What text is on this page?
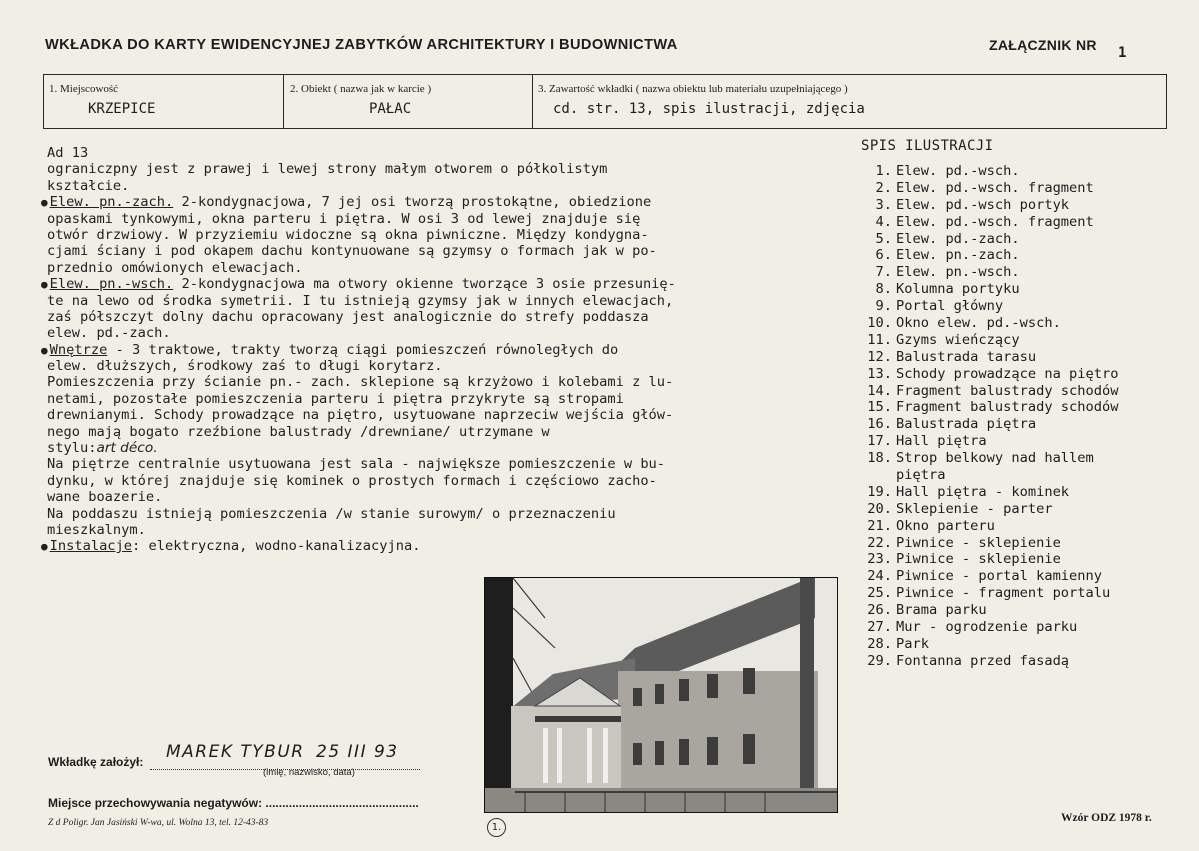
WKŁADKA DO KARTY EWIDENCYJNEJ ZABYTKÓW ARCHITEKTURY I BUDOWNICTWA	ZAŁĄCZNIK NR 1
1. Miejscowość
KRZEPICE
2. Obiekt ( nazwa jak w karcie )
PAŁAC
3. Zawartość wkładki ( nazwa obiektu lub materiału uzupełniającego )
cd. str. 13, spis ilustracji, zdjęcia

Ad 13

ograniczpny jest z prawej i lewej strony małym otworem o półkolistym

kształcie.

● Elew. pn.-zach. 2-kondygnacjowa, 7 jej osi tworzą prostokątne, obiedzione

opaskami tynkowymi, okna parteru i piętra. W osi 3 od lewej znajduje się

otwór drzwiowy. W przyziemiu widoczne są okna piwniczne. Między kondygna-

cjami ściany i pod okapem dachu kontynuowane są gzymsy o formach jak w po-

przednio omówionych elewacjach.

● Elew. pn.-wsch. 2-kondygnacjowa ma otwory okienne tworzące 3 osie przesunię-

te na lewo od środka symetrii. I tu istnieją gzymsy jak w innych elewacjach,

zaś półszczyt dolny dachu opracowany jest analogicznie do strefy poddasza

elew. pd.-zach.

● Wnętrze - 3 traktowe, trakty tworzą ciągi pomieszczeń równoległych do

elew. dłuższych, środkowy zaś to długi korytarz.

Pomieszczenia przy ścianie pn.- zach. sklepione są krzyżowo i kolebami z lu-

netami, pozostałe pomieszczenia parteru i piętra przykryte są stropami

drewnianymi. Schody prowadzące na piętro, usytuowane naprzeciw wejścia głów-

nego mają bogato rzeźbione balustrady /drewniane/ utrzymane w

stylu:art déco.

Na piętrze centralnie usytuowana jest sala - największe pomieszczenie w bu-

dynku, w której znajduje się kominek o prostych formach i częściowo zacho-

wane boazerie.

Na poddaszu istnieją pomieszczenia /w stanie surowym/ o przeznaczeniu

mieszkalnym.

● Instalacje: elektryczna, wodno-kanalizacyjna.

SPIS ILUSTRACJI
1. Elew. pd.-wsch.
2. Elew. pd.-wsch. fragment
3. Elew. pd.-wsch portyk
4. Elew. pd.-wsch. fragment
5. Elew. pd.-zach.
6. Elew. pn.-zach.
7. Elew. pn.-wsch.
8. Kolumna portyku
9. Portal główny
10. Okno elew. pd.-wsch.
11. Gzyms wieńczący
12. Balustrada tarasu
13. Schody prowadzące na piętro
14. Fragment balustrady schodów
15. Fragment balustrady schodów
16. Balustrada piętra
17. Hall piętra
18. Strop belkowy nad hallem
piętra
19. Hall piętra - kominek
20. Sklepienie - parter
21. Okno parteru
22. Piwnice - sklepienie
23. Piwnice - sklepienie
24. Piwnice - portal kamienny
25. Piwnice - fragment portalu
26. Brama parku
27. Mur - ogrodzenie parku
28. Park
29. Fontanna przed fasadą
Wkładkę założył: MAREK TYBUR 25 III 93
(imię, nazwisko, data)
Miejsce przechowywania negatywów: ..............................................
Z d Poligr. Jan Jasiński W-wa, ul. Wolna 13, tel. 12-43-83	1.
Wzór ODZ 1978 r.
